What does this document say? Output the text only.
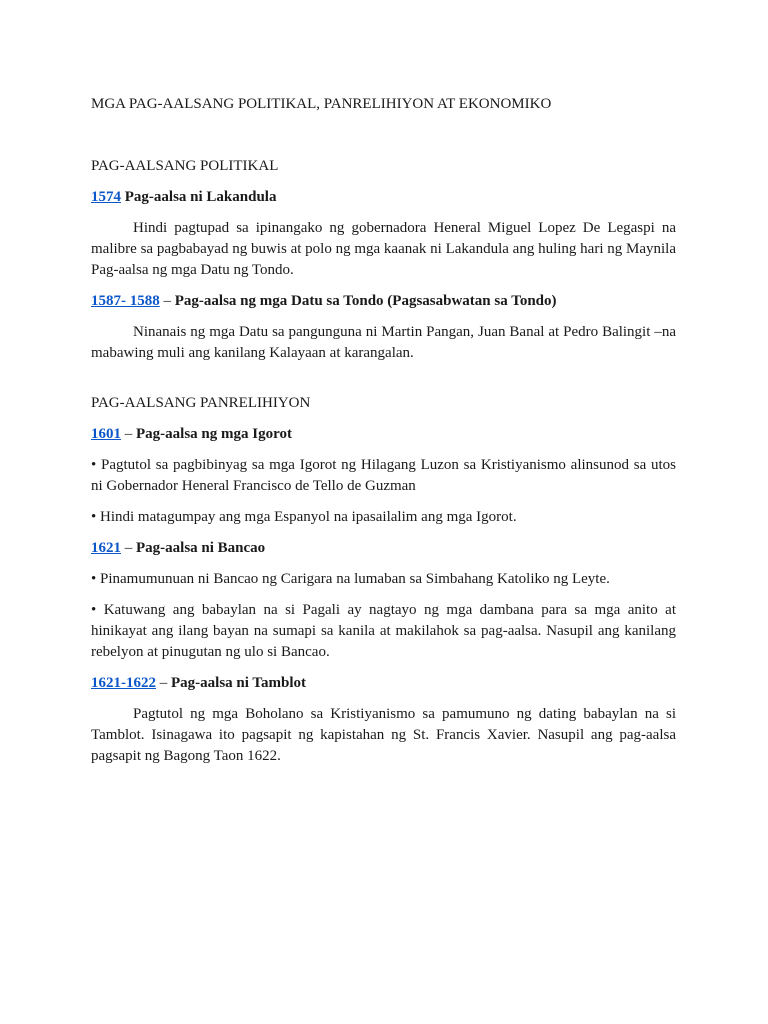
MGA PAG-AALSANG POLITIKAL, PANRELIHIYON AT EKONOMIKO
PAG-AALSANG POLITIKAL

1574 Pag-aalsa ni Lakandula

Hindi pagtupad sa ipinangako ng gobernadora Heneral Miguel Lopez De Legaspi na malibre sa pagbabayad ng buwis at polo ng mga kaanak ni Lakandula ang huling hari ng Maynila Pag-aalsa ng mga Datu ng Tondo.

1587- 1588 – Pag-aalsa ng mga Datu sa Tondo (Pagsasabwatan sa Tondo)

Ninanais ng mga Datu sa pangunguna ni Martin Pangan, Juan Banal at Pedro Balingit –na mabawing muli ang kanilang Kalayaan at karangalan.

PAG-AALSANG PANRELIHIYON

1601 – Pag-aalsa ng mga Igorot

• Pagtutol sa pagbibinyag sa mga Igorot ng Hilagang Luzon sa Kristiyanismo alinsunod sa utos ni Gobernador Heneral Francisco de Tello de Guzman

• Hindi matagumpay ang mga Espanyol na ipasailalim ang mga Igorot.

1621 – Pag-aalsa ni Bancao

• Pinamumunuan ni Bancao ng Carigara na lumaban sa Simbahang Katoliko ng Leyte.

• Katuwang ang babaylan na si Pagali ay nagtayo ng mga dambana para sa mga anito at hinikayat ang ilang bayan na sumapi sa kanila at makilahok sa pag-aalsa. Nasupil ang kanilang rebelyon at pinugutan ng ulo si Bancao.

1621-1622 – Pag-aalsa ni Tamblot

Pagtutol ng mga Boholano sa Kristiyanismo sa pamumuno ng dating babaylan na si Tamblot. Isinagawa ito pagsapit ng kapistahan ng St. Francis Xavier. Nasupil ang pag-aalsa pagsapit ng Bagong Taon 1622.
